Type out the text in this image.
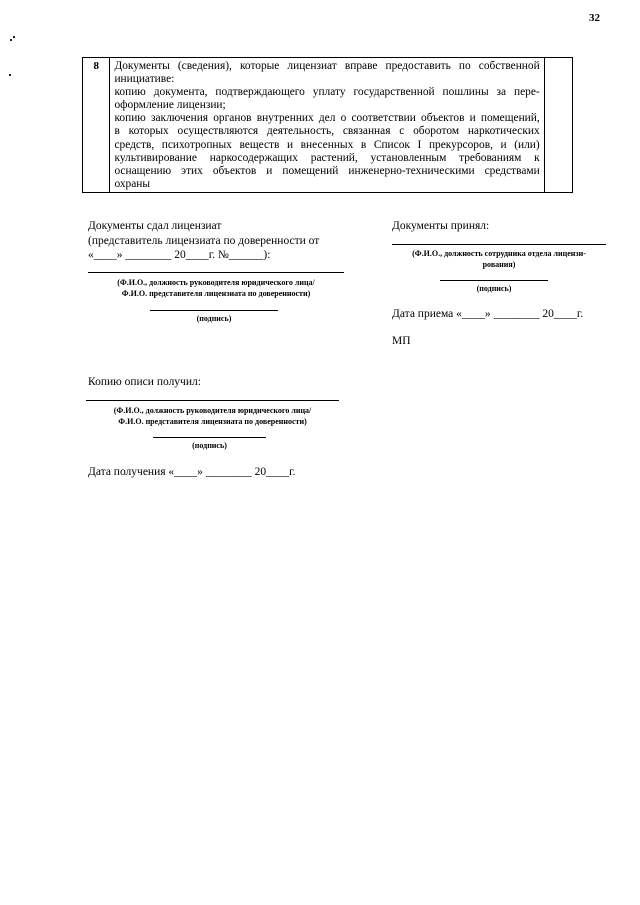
32
8	Документы (сведения), которые лицензиат вправе предоставить по собственной
инициативе:
копию документа, подтверждающего уплату государственной пошлины за пере-
оформление лицензии;
копию заключения органов внутренних дел о соответствии объектов и помещений,
в которых осуществляются деятельность, связанная с оборотом наркотических
средств, психотропных веществ и внесенных в Список I прекурсоров, и (или)
культивирование наркосодержащих растений, установленным требованиям к
оснащению этих объектов и помещений инженерно-техническими средствами
охраны

Документы сдал лицензиат
(представитель лицензиата по доверенности от
«____» ________ 20____г. №______):
(Ф.И.О., должность руководителя юридического лица/
Ф.И.О. представителя лицензиата по доверенности)
(подпись)
Документы принял:
(Ф.И.О., должность сотрудника отдела лицензи-
рования)
(подпись)
Дата приема «____» ________ 20____г.
МП
Копию описи получил:
(Ф.И.О., должность руководителя юридического лица/
Ф.И.О. представителя лицензиата по доверенности)
(подпись)
Дата получения «____» ________ 20____г.
